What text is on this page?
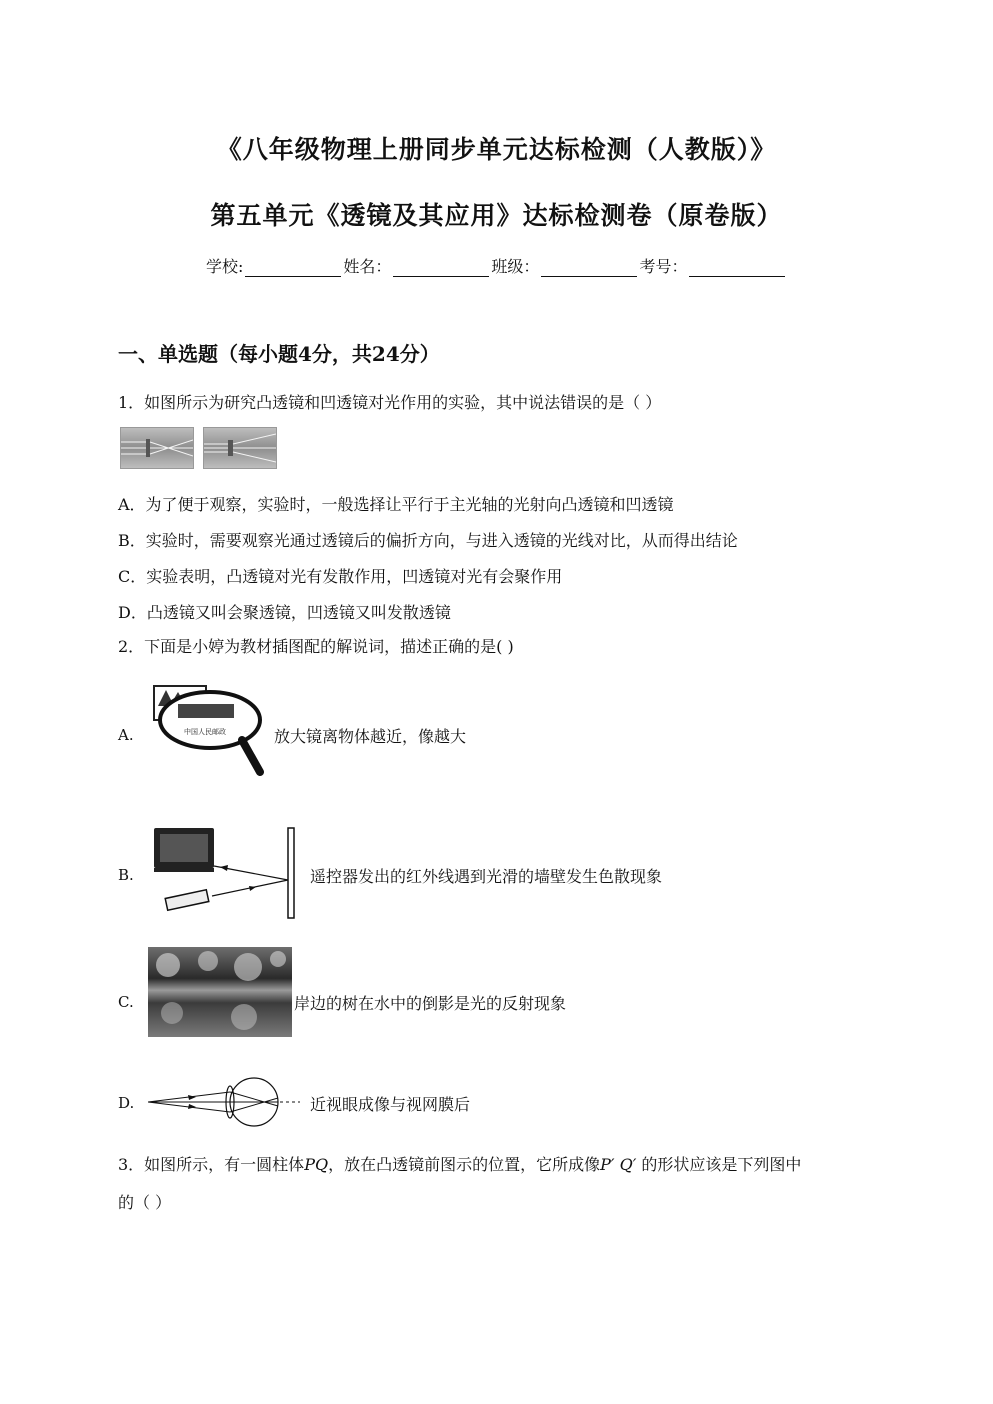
《八年级物理上册同步单元达标检测（人教版）》
第五单元《透镜及其应用》达标检测卷（原卷版）
学校:	姓名：	班级：	考号：
一、单选题（每小题4分，共24分）
1．如图所示为研究凸透镜和凹透镜对光作用的实验，其中说法错误的是（ ）
A．为了便于观察，实验时，一般选择让平行于主光轴的光射向凸透镜和凹透镜
B．实验时，需要观察光通过透镜后的偏折方向，与进入透镜的光线对比，从而得出结论
C．实验表明，凸透镜对光有发散作用，凹透镜对光有会聚作用
D．凸透镜又叫会聚透镜，凹透镜又叫发散透镜
2．下面是小婷为教材插图配的解说词，描述正确的是( )
A.	中国人民邮政	放大镜离物体越近，像越大
B.	遥控器发出的红外线遇到光滑的墙壁发生色散现象
C.	岸边的树在水中的倒影是光的反射现象
D.	近视眼成像与视网膜后
3．如图所示，有一圆柱体PQ，放在凸透镜前图示的位置，它所成像P′ Q′ 的形状应该是下列图中
的（ ）
